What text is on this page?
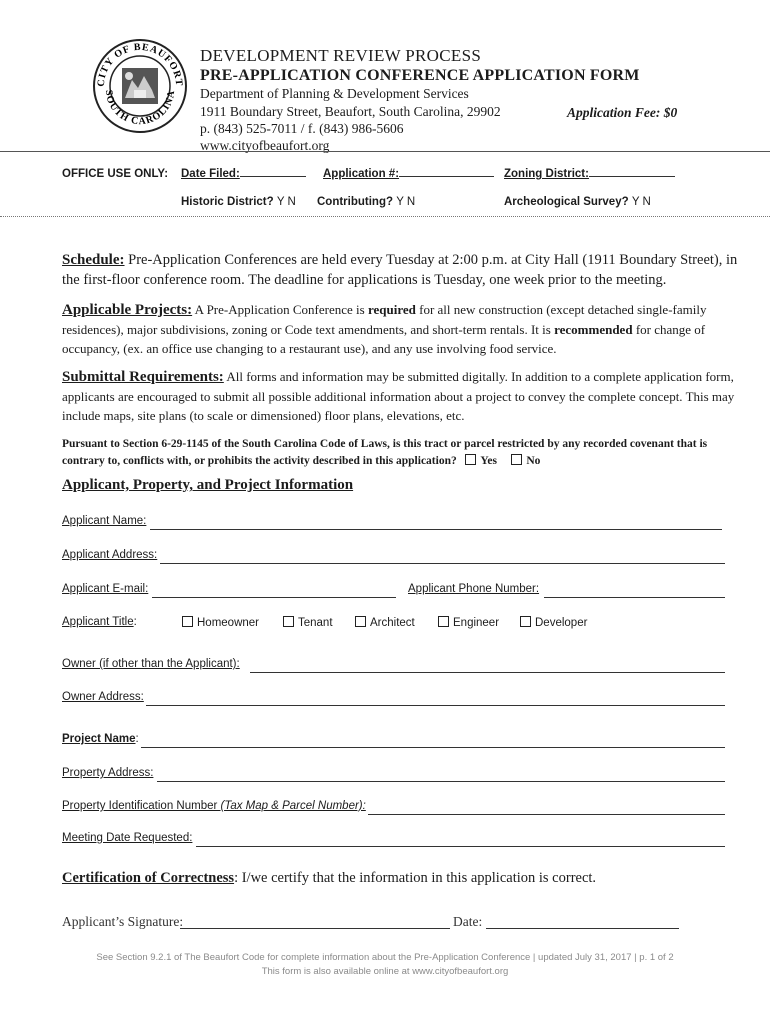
CITY OF BEAUFORT
SOUTH CAROLINA
DEVELOPMENT REVIEW PROCESS
PRE-APPLICATION CONFERENCE APPLICATION FORM
Department of Planning & Development Services
1911 Boundary Street, Beaufort, South Carolina, 29902
p. (843) 525-7011 / f. (843) 986-5606
www.cityofbeaufort.org
Application Fee: $0
OFFICE USE ONLY: Date Filed:	Application #:	Zoning District:
Historic District? Y N Contributing? Y N	Archeological Survey? Y N
Schedule: Pre-Application Conferences are held every Tuesday at 2:00 p.m. at City Hall (1911 Boundary Street), in the first-floor conference room. The deadline for applications is Tuesday, one week prior to the meeting.
Applicable Projects: A Pre-Application Conference is required for all new construction (except detached single-family residences), major subdivisions, zoning or Code text amendments, and short-term rentals. It is recommended for change of occupancy, (ex. an office use changing to a restaurant use), and any use involving food service.
Submittal Requirements: All forms and information may be submitted digitally. In addition to a complete application form, applicants are encouraged to submit all possible additional information about a project to convey the complete concept. This may include maps, site plans (to scale or dimensioned) floor plans, elevations, etc.
Pursuant to Section 6-29-1145 of the South Carolina Code of Laws, is this tract or parcel restricted by any recorded covenant that is contrary to, conflicts with, or prohibits the activity described in this application? Yes	No
Applicant, Property, and Project Information
Applicant Name:
Applicant Address:
Applicant E-mail:	Applicant Phone Number:
Applicant Title:	Homeowner	Tenant	Architect	Engineer	Developer
Owner (if other than the Applicant):
Owner Address:
Project Name:
Property Address:
Property Identification Number (Tax Map & Parcel Number):
Meeting Date Requested:
Certification of Correctness: I/we certify that the information in this application is correct.
Applicant’s Signature:	Date:
See Section 9.2.1 of The Beaufort Code for complete information about the Pre-Application Conference | updated July 31, 2017 | p. 1 of 2
This form is also available online at www.cityofbeaufort.org
